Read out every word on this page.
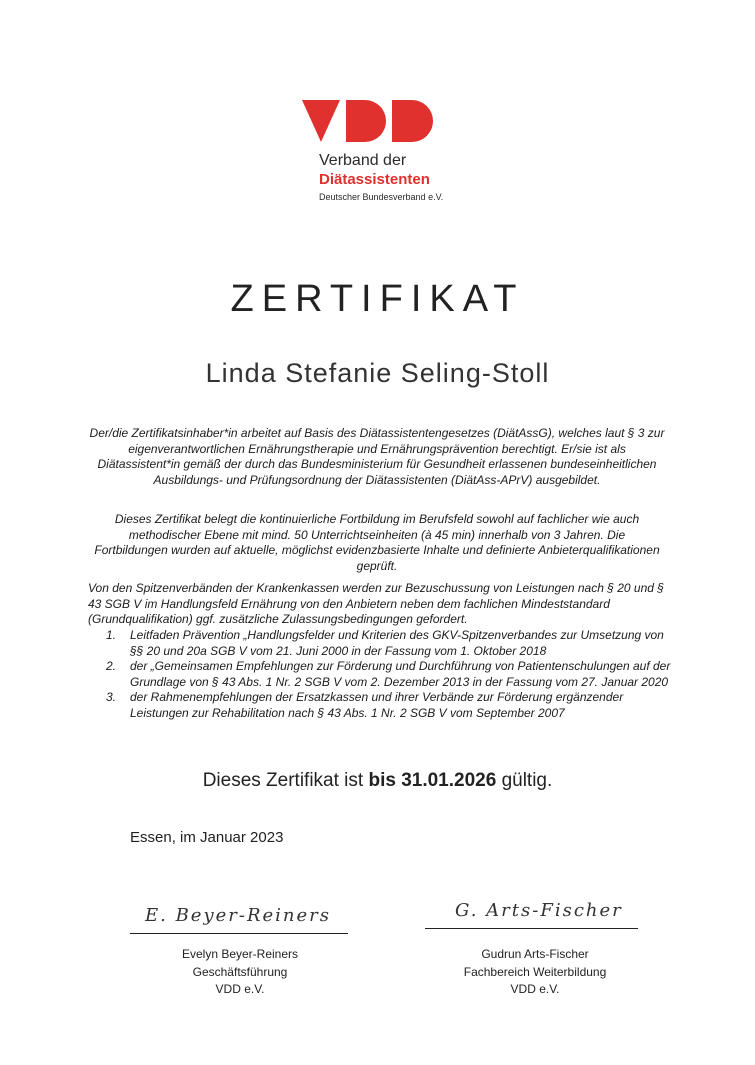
Verband der
Diätassistenten
Deutscher Bundesverband e.V.
ZERTIFIKAT
Linda Stefanie Seling-Stoll
Der/die Zertifikatsinhaber*in arbeitet auf Basis des Diätassistentengesetzes (DiätAssG), welches laut § 3 zur eigenverantwortlichen Ernährungstherapie und Ernährungsprävention berechtigt. Er/sie ist als Diätassistent*in gemäß der durch das Bundesministerium für Gesundheit erlassenen bundeseinheitlichen Ausbildungs- und Prüfungsordnung der Diätassistenten (DiätAss-APrV) ausgebildet.
Dieses Zertifikat belegt die kontinuierliche Fortbildung im Berufsfeld sowohl auf fachlicher wie auch methodischer Ebene mit mind. 50 Unterrichtseinheiten (à 45 min) innerhalb von 3 Jahren. Die Fortbildungen wurden auf aktuelle, möglichst evidenzbasierte Inhalte und definierte Anbieterqualifikationen geprüft.
Von den Spitzenverbänden der Krankenkassen werden zur Bezuschussung von Leistungen nach § 20 und § 43 SGB V im Handlungsfeld Ernährung von den Anbietern neben dem fachlichen Mindeststandard (Grundqualifikation) ggf. zusätzliche Zulassungsbedingungen gefordert.
1. Leitfaden Prävention „Handlungsfelder und Kriterien des GKV-Spitzenverbandes zur Umsetzung von §§ 20 und 20a SGB V vom 21. Juni 2000 in der Fassung vom 1. Oktober 2018
2. der „Gemeinsamen Empfehlungen zur Förderung und Durchführung von Patientenschulungen auf der Grundlage von § 43 Abs. 1 Nr. 2 SGB V vom 2. Dezember 2013 in der Fassung vom 27. Januar 2020
3. der Rahmenempfehlungen der Ersatzkassen und ihrer Verbände zur Förderung ergänzender Leistungen zur Rehabilitation nach § 43 Abs. 1 Nr. 2 SGB V vom September 2007
Dieses Zertifikat ist bis 31.01.2026 gültig.
Essen, im Januar 2023
E. Beyer-Reiners
Evelyn Beyer-Reiners
Geschäftsführung
VDD e.V.
G. Arts-Fischer
Gudrun Arts-Fischer
Fachbereich Weiterbildung
VDD e.V.
